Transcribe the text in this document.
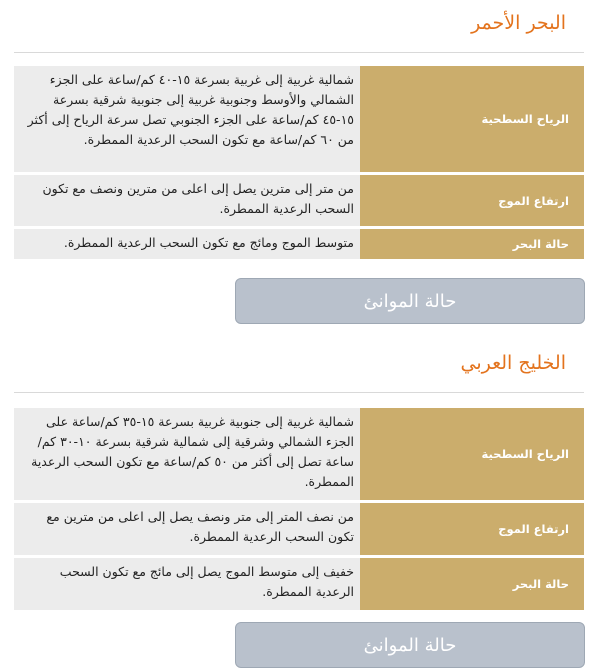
البحر الأحمر
الرياح السطحية
شمالية غربية إلى غربية بسرعة ١٥-٤٠ كم/ساعة على الجزء الشمالي والأوسط وجنوبية غربية إلى جنوبية شرقية بسرعة ١٥-٤٥ كم/ساعة على الجزء الجنوبي تصل سرعة الرياح إلى أكثر من ٦٠ كم/ساعة مع تكون السحب الرعدية الممطرة.
ارتفاع الموج
من متر إلى مترين يصل إلى اعلى من مترين ونصف مع تكون السحب الرعدية الممطرة.
حالة البحر
متوسط الموج ومائج مع تكون السحب الرعدية الممطرة.
حالة الموانئ
الخليج العربي
الرياح السطحية
شمالية غربية إلى جنوبية غربية بسرعة ١٥-٣٥ كم/ساعة على الجزء الشمالي وشرقية إلى شمالية شرقية بسرعة ١٠-٣٠ كم/ساعة تصل إلى أكثر من ٥٠ كم/ساعة مع تكون السحب الرعدية الممطرة.
ارتفاع الموج
من نصف المتر إلى متر ونصف يصل إلى اعلى من مترين مع تكون السحب الرعدية الممطرة.
حالة البحر
خفيف إلى متوسط الموج يصل إلى مائج مع تكون السحب الرعدية الممطرة.
حالة الموانئ
